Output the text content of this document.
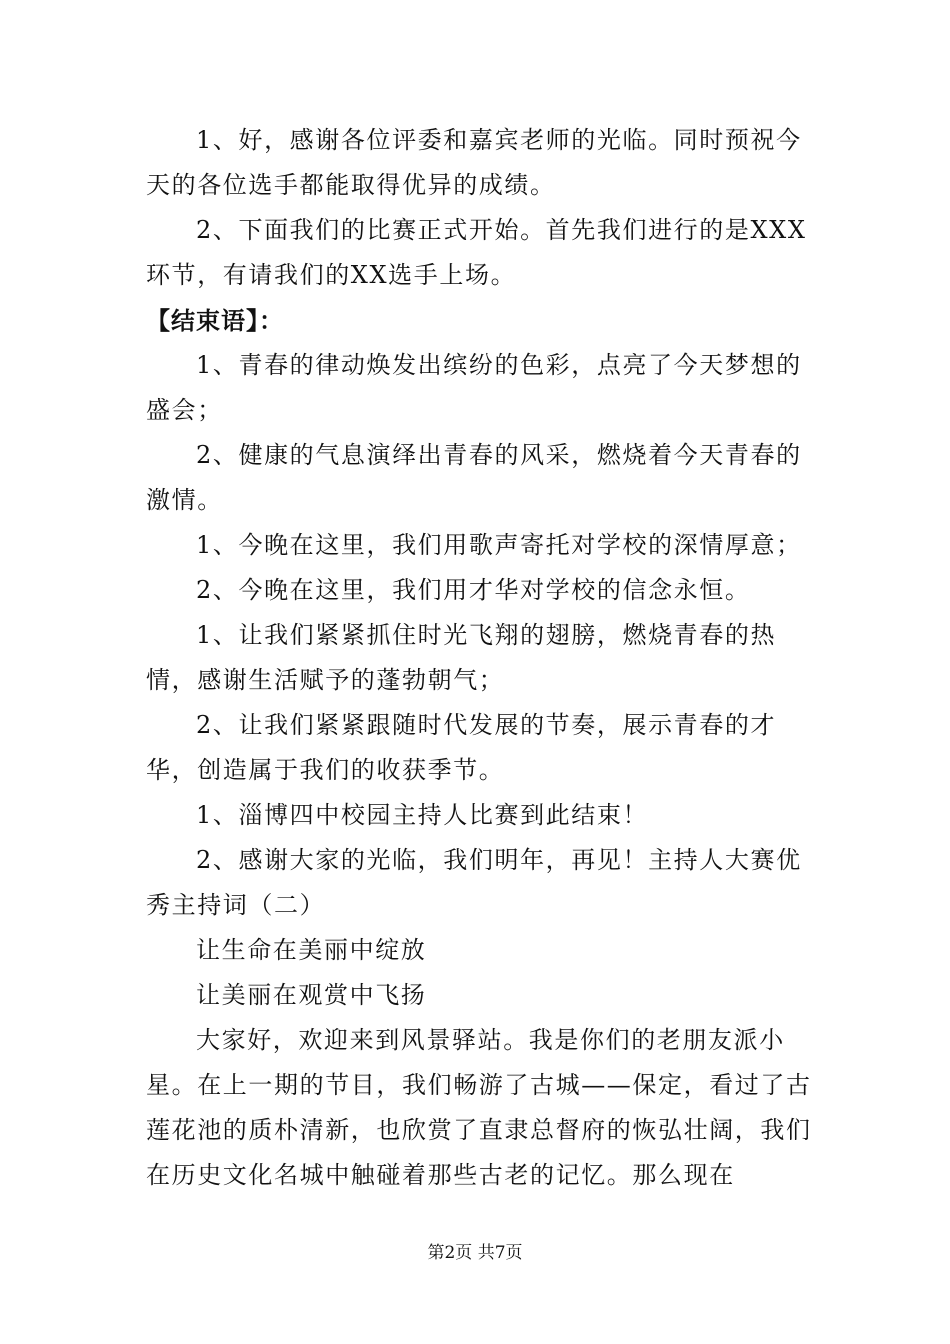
1、好，感谢各位评委和嘉宾老师的光临。同时预祝今天的各位选手都能取得优异的成绩。

2、下面我们的比赛正式开始。首先我们进行的是XXX环节，有请我们的XX选手上场。

【结束语】：

1、青春的律动焕发出缤纷的色彩，点亮了今天梦想的盛会；

2、健康的气息演绎出青春的风采，燃烧着今天青春的激情。

1、今晚在这里，我们用歌声寄托对学校的深情厚意；

2、今晚在这里，我们用才华对学校的信念永恒。

1、让我们紧紧抓住时光飞翔的翅膀，燃烧青春的热情，感谢生活赋予的蓬勃朝气；

2、让我们紧紧跟随时代发展的节奏，展示青春的才华，创造属于我们的收获季节。

1、淄博四中校园主持人比赛到此结束！

2、感谢大家的光临，我们明年，再见！主持人大赛优秀主持词（二）

让生命在美丽中绽放

让美丽在观赏中飞扬

大家好，欢迎来到风景驿站。我是你们的老朋友派小星。在上一期的节目，我们畅游了古城——保定，看过了古莲花池的质朴清新，也欣赏了直隶总督府的恢弘壮阔，我们在历史文化名城中触碰着那些古老的记忆。那么现在

第2页 共7页
